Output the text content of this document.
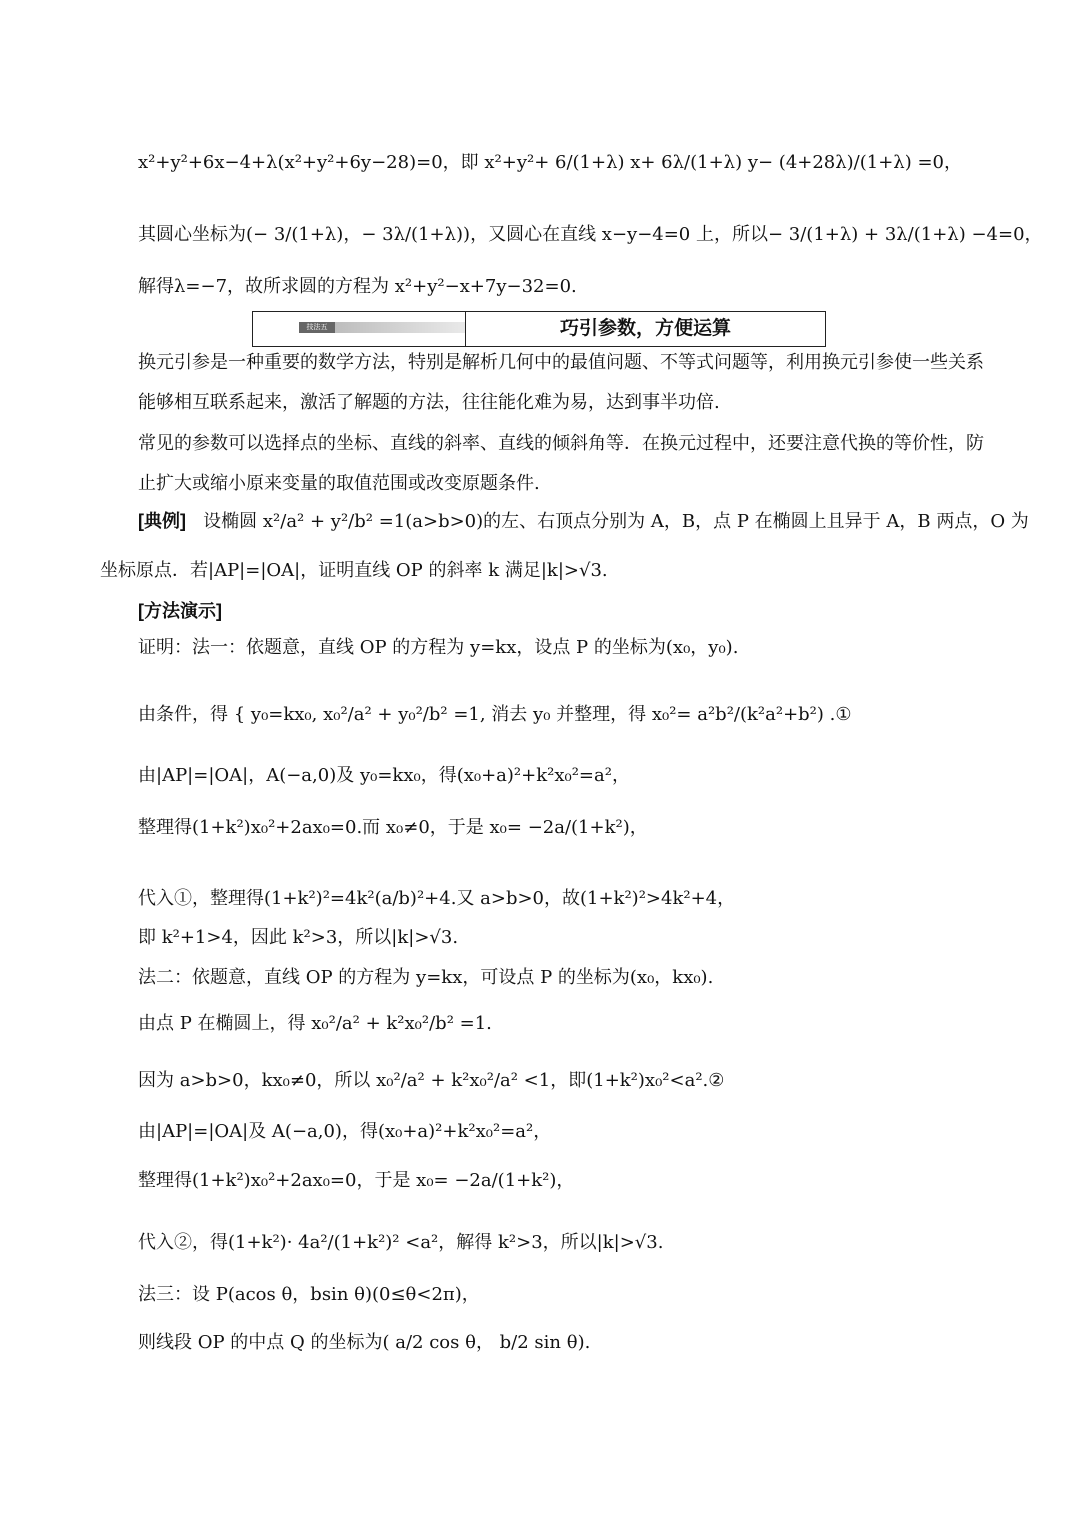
x²+y²+6x−4+λ(x²+y²+6y−28)=0，即 x²+y²+ 6/(1+λ) x+ 6λ/(1+λ) y− (4+28λ)/(1+λ) =0，
其圆心坐标为(− 3/(1+λ)，− 3λ/(1+λ))，又圆心在直线 x−y−4=0 上，所以− 3/(1+λ) + 3λ/(1+λ) −4=0，
解得λ=−7，故所求圆的方程为 x²+y²−x+7y−32=0.
技法五	巧引参数，方便运算
换元引参是一种重要的数学方法，特别是解析几何中的最值问题、不等式问题等，利用换元引参使一些关系能够相互联系起来，激活了解题的方法，往往能化难为易，达到事半功倍.
常见的参数可以选择点的坐标、直线的斜率、直线的倾斜角等．在换元过程中，还要注意代换的等价性，防止扩大或缩小原来变量的取值范围或改变原题条件.
[典例] 设椭圆 x²/a² + y²/b² =1(a>b>0)的左、右顶点分别为 A，B，点 P 在椭圆上且异于 A，B 两点，O 为
坐标原点．若|AP|=|OA|，证明直线 OP 的斜率 k 满足|k|>√3.
[方法演示]
证明：法一：依题意，直线 OP 的方程为 y=kx，设点 P 的坐标为(x₀，y₀).
由条件，得 { y₀=kx₀, x₀²/a² + y₀²/b² =1, 消去 y₀ 并整理，得 x₀²= a²b²/(k²a²+b²) .①
由|AP|=|OA|，A(−a,0)及 y₀=kx₀，得(x₀+a)²+k²x₀²=a²，
整理得(1+k²)x₀²+2ax₀=0.而 x₀≠0，于是 x₀= −2a/(1+k²)，
代入①，整理得(1+k²)²=4k²(a/b)²+4.又 a>b>0，故(1+k²)²>4k²+4，
即 k²+1>4，因此 k²>3，所以|k|>√3.
法二：依题意，直线 OP 的方程为 y=kx，可设点 P 的坐标为(x₀，kx₀).
由点 P 在椭圆上，得 x₀²/a² + k²x₀²/b² =1.
因为 a>b>0，kx₀≠0，所以 x₀²/a² + k²x₀²/a² <1，即(1+k²)x₀²<a².②
由|AP|=|OA|及 A(−a,0)，得(x₀+a)²+k²x₀²=a²，
整理得(1+k²)x₀²+2ax₀=0，于是 x₀= −2a/(1+k²)，
代入②，得(1+k²)· 4a²/(1+k²)² <a²，解得 k²>3，所以|k|>√3.
法三：设 P(acos θ，bsin θ)(0≤θ<2π)，
则线段 OP 的中点 Q 的坐标为( a/2 cos θ， b/2 sin θ).
